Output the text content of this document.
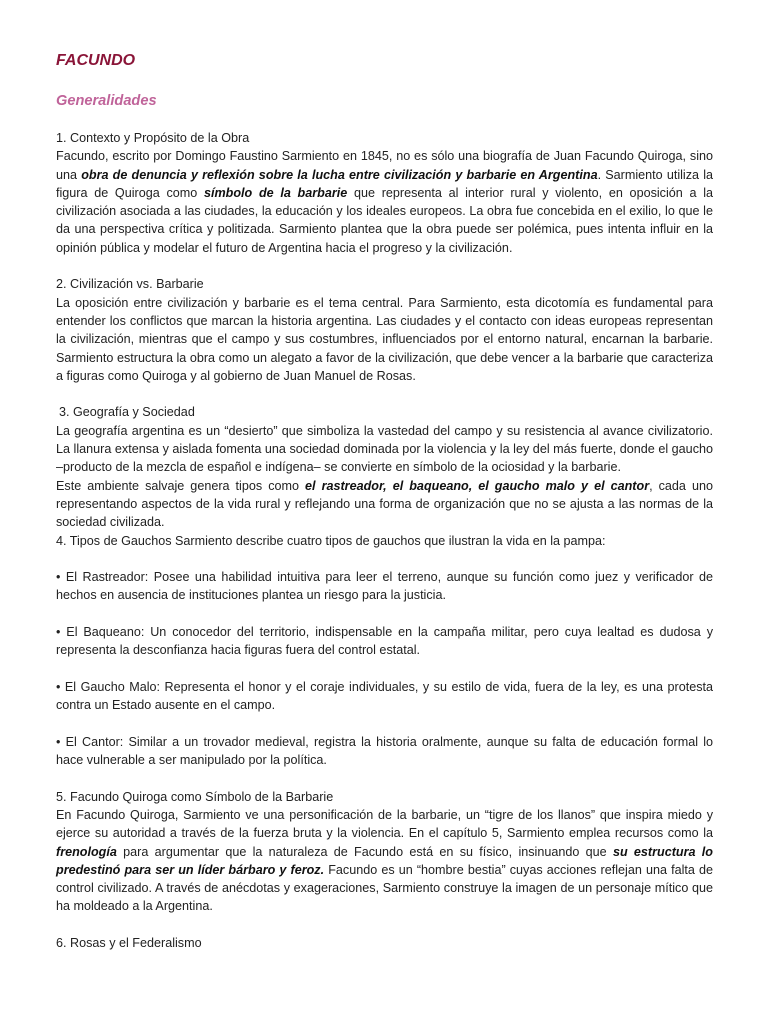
FACUNDO
Generalidades

1. Contexto y Propósito de la Obra

Facundo, escrito por Domingo Faustino Sarmiento en 1845, no es sólo una biografía de Juan Facundo Quiroga, sino una obra de denuncia y reflexión sobre la lucha entre civilización y barbarie en Argentina. Sarmiento utiliza la figura de Quiroga como símbolo de la barbarie que representa al interior rural y violento, en oposición a la civilización asociada a las ciudades, la educación y los ideales europeos. La obra fue concebida en el exilio, lo que le da una perspectiva crítica y politizada. Sarmiento plantea que la obra puede ser polémica, pues intenta influir en la opinión pública y modelar el futuro de Argentina hacia el progreso y la civilización.

2. Civilización vs. Barbarie

La oposición entre civilización y barbarie es el tema central. Para Sarmiento, esta dicotomía es fundamental para entender los conflictos que marcan la historia argentina. Las ciudades y el contacto con ideas europeas representan la civilización, mientras que el campo y sus costumbres, influenciados por el entorno natural, encarnan la barbarie. Sarmiento estructura la obra como un alegato a favor de la civilización, que debe vencer a la barbarie que caracteriza a figuras como Quiroga y al gobierno de Juan Manuel de Rosas.

3. Geografía y Sociedad

La geografía argentina es un “desierto” que simboliza la vastedad del campo y su resistencia al avance civilizatorio. La llanura extensa y aislada fomenta una sociedad dominada por la violencia y la ley del más fuerte, donde el gaucho –producto de la mezcla de español e indígena– se convierte en símbolo de la ociosidad y la barbarie.

Este ambiente salvaje genera tipos como el rastreador, el baqueano, el gaucho malo y el cantor, cada uno representando aspectos de la vida rural y reflejando una forma de organización que no se ajusta a las normas de la sociedad civilizada.

4. Tipos de Gauchos Sarmiento describe cuatro tipos de gauchos que ilustran la vida en la pampa:

• El Rastreador: Posee una habilidad intuitiva para leer el terreno, aunque su función como juez y verificador de hechos en ausencia de instituciones plantea un riesgo para la justicia.

• El Baqueano: Un conocedor del territorio, indispensable en la campaña militar, pero cuya lealtad es dudosa y representa la desconfianza hacia figuras fuera del control estatal.

• El Gaucho Malo: Representa el honor y el coraje individuales, y su estilo de vida, fuera de la ley, es una protesta contra un Estado ausente en el campo.

• El Cantor: Similar a un trovador medieval, registra la historia oralmente, aunque su falta de educación formal lo hace vulnerable a ser manipulado por la política.

5. Facundo Quiroga como Símbolo de la Barbarie

En Facundo Quiroga, Sarmiento ve una personificación de la barbarie, un “tigre de los llanos” que inspira miedo y ejerce su autoridad a través de la fuerza bruta y la violencia. En el capítulo 5, Sarmiento emplea recursos como la frenología para argumentar que la naturaleza de Facundo está en su físico, insinuando que su estructura lo predestinó para ser un líder bárbaro y feroz. Facundo es un “hombre bestia” cuyas acciones reflejan una falta de control civilizado. A través de anécdotas y exageraciones, Sarmiento construye la imagen de un personaje mítico que ha moldeado a la Argentina.

6. Rosas y el Federalismo
